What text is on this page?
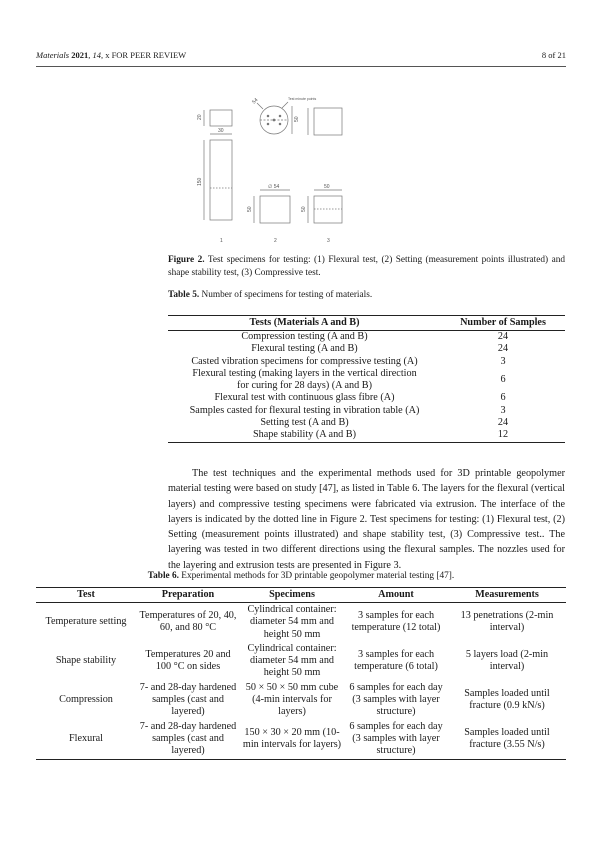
Materials 2021, 14, x FOR PEER REVIEW	8 of 21
20
30
150
54	Test minute points
50
∅ 54
50
50
50
1	2	3
Figure 2. Test specimens for testing: (1) Flexural test, (2) Setting (measurement points illustrated) and shape stability test, (3) Compressive test.
Table 5. Number of specimens for testing of materials.
Tests (Materials A and B)	Number of Samples
Compression testing (A and B)	24
Flexural testing (A and B)	24
Casted vibration specimens for compressive testing (A)	3
Flexural testing (making layers in the vertical direction for curing for 28 days) (A and B)	6
Flexural test with continuous glass fibre (A)	6
Samples casted for flexural testing in vibration table (A)	3
Setting test (A and B)	24
Shape stability (A and B)	12
The test techniques and the experimental methods used for 3D printable geopolymer material testing were based on study [47], as listed in Table 6. The layers for the flexural (vertical layers) and compressive testing specimens were fabricated via extrusion. The interface of the layers is indicated by the dotted line in Figure 2. Test specimens for testing: (1) Flexural test, (2) Setting (measurement points illustrated) and shape stability test, (3) Compressive test.. The layering was tested in two different directions using the flexural samples. The nozzles used for the layering and extrusion tests are presented in Figure 3.
Table 6. Experimental methods for 3D printable geopolymer material testing [47].
Test	Preparation	Specimens	Amount	Measurements
Temperature setting	Temperatures of 20, 40, 60, and 80 °C	Cylindrical container: diameter 54 mm and height 50 mm	3 samples for each temperature (12 total)	13 penetrations (2-min interval)
Shape stability	Temperatures 20 and 100 °C on sides	Cylindrical container: diameter 54 mm and height 50 mm	3 samples for each temperature (6 total)	5 layers load (2-min interval)
Compression	7- and 28-day hardened samples (cast and layered)	50 × 50 × 50 mm cube (4-min intervals for layers)	6 samples for each day (3 samples with layer structure)	Samples loaded until fracture (0.9 kN/s)
Flexural	7- and 28-day hardened samples (cast and layered)	150 × 30 × 20 mm (10-min intervals for layers)	6 samples for each day (3 samples with layer structure)	Samples loaded until fracture (3.55 N/s)
